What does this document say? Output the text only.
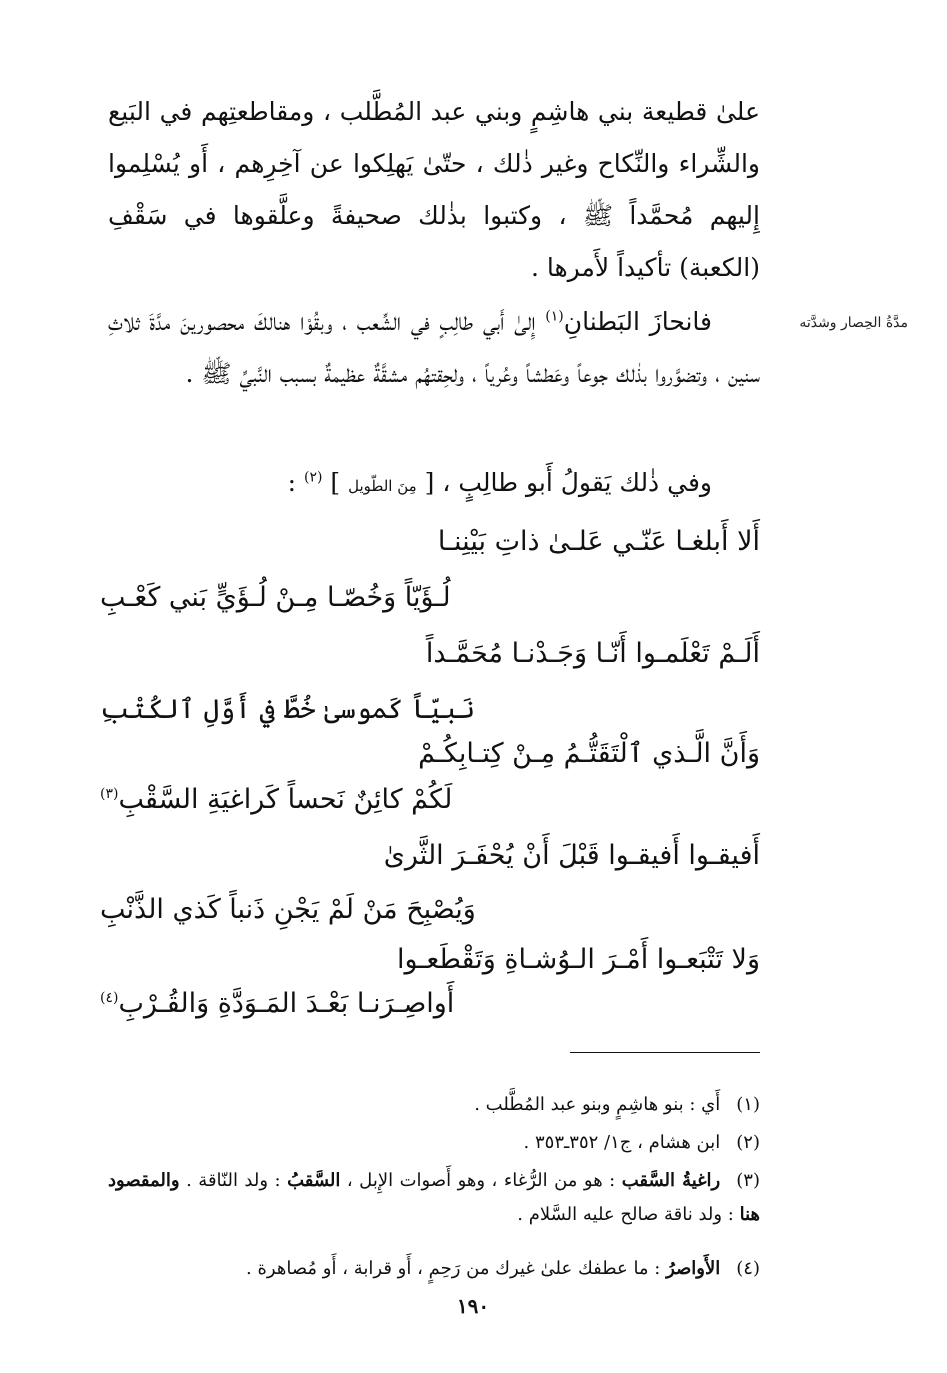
مدَّةُ الحِصار وشدَّته
علىٰ قطيعة بني هاشِمٍ وبني عبد المُطَّلب ، ومقاطعتِهم في البَيع والشِّراء والنِّكاح وغير ذٰلك ، حتّىٰ يَهلِكوا عن آخِرِهم ، أَو يُسْلِموا إِليهم مُحمَّداً ﷺ ، وكتبوا بذٰلك صحيفةً وعلَّقوها في سَقْفِ (الكعبة) تأكيداً لأَمرها .
فانحازَ البَطنانِ$^{(١)}$ إِلىٰ أَبي طالِبٍ في الشِّعب ، وبقُوْا هنالكَ محصورينَ مدَّةَ ثلاثِ سنين ، وتضوَّروا بذٰلك جوعاً وعَطشاً وعُرياً ، ولحِقتهُم مشقَّةٌ عظيمةٌ بسبب النَّبيِّ ﷺ .
وفي ذٰلك يَقولُ أَبو طالِبٍ ، [ مِنَ الطّويل ] $^{(٢)}$ :
أَلا أَبلغـا عَنّـي عَلـىٰ ذاتِ بَيْنِنـا
لُـؤَيّاً وَخُصّـا مِـنْ لُـؤَيٍّ بَني كَعْـبِ
أَلَـمْ تَعْلَمـوا أَنّـا وَجَـدْنـا مُحَمَّـداً
نَبيّاً كَموسىٰ خُطَّ في أَوَّلِ ٱلكُتْبِ
وَأَنَّ الَّـذي ٱلْتَقَتُّـمُ مِـنْ كِتـابِكُـمْ
لَكُمْ كائِنٌ نَحساً كَراغيَةِ السَّقْبِ$^{(٣)}$
أَفيقـوا أَفيقـوا قَبْلَ أَنْ يُحْفَـرَ الثَّرىٰ
وَيُصْبِحَ مَنْ لَمْ يَجْنِ ذَنباً كَذي الذَّنْبِ
وَلا تَتْبَعـوا أَمْـرَ الـوُشـاةِ وَتَقْطَعـوا
أَواصِـرَنـا بَعْـدَ المَـوَدَّةِ وَالقُـرْبِ$^{(٤)}$
(١)أَي : بنو هاشِمٍ وبنو عبد المُطَّلب .
(٢)ابن هشام ، ج١/ ٣٥٢ـ٣٥٣ .
(٣)راغيةُ السَّقب : هو من الرُّغاء ، وهو أَصوات الإِبل ، السَّقبُ : ولد النّاقة . والمقصود هنا : ولد ناقة صالح عليه السَّلام .
(٤)الأَواصرُ : ما عطفك علىٰ غيرك من رَحِمٍ ، أَو قرابة ، أَو مُصاهرة .
١٩٠
